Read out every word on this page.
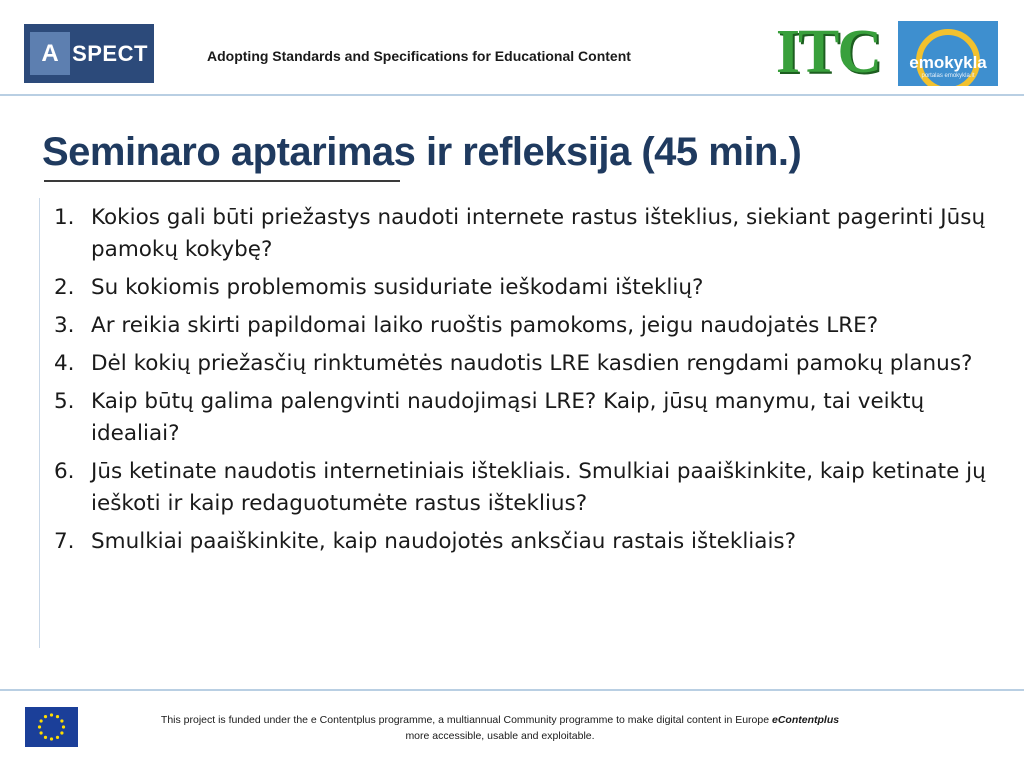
A SPECT	Adopting Standards and Specifications for Educational Content ITC	emokykla
portalas emokykla.lt
Seminaro aptarimas ir refleksija (45 min.)
1. Kokios gali būti priežastys naudoti internete rastus išteklius, siekiant pagerinti Jūsų pamokų kokybę?
2. Su kokiomis problemomis susiduriate ieškodami išteklių?
3. Ar reikia skirti papildomai laiko ruoštis pamokoms, jeigu naudojatės LRE?
4. Dėl kokių priežasčių rinktumėtės naudotis LRE kasdien rengdami pamokų planus?
5. Kaip būtų galima palengvinti naudojimąsi LRE? Kaip, jūsų manymu, tai veiktų idealiai?
6. Jūs ketinate naudotis internetiniais ištekliais. Smulkiai paaiškinkite, kaip ketinate jų ieškoti ir kaip redaguotumėte rastus išteklius?
7. Smulkiai paaiškinkite, kaip naudojotės anksčiau rastais ištekliais?
This project is funded under the e Contentplus programme, a multiannual Community programme to make digital content in Europe eContentplus
more accessible, usable and exploitable.
